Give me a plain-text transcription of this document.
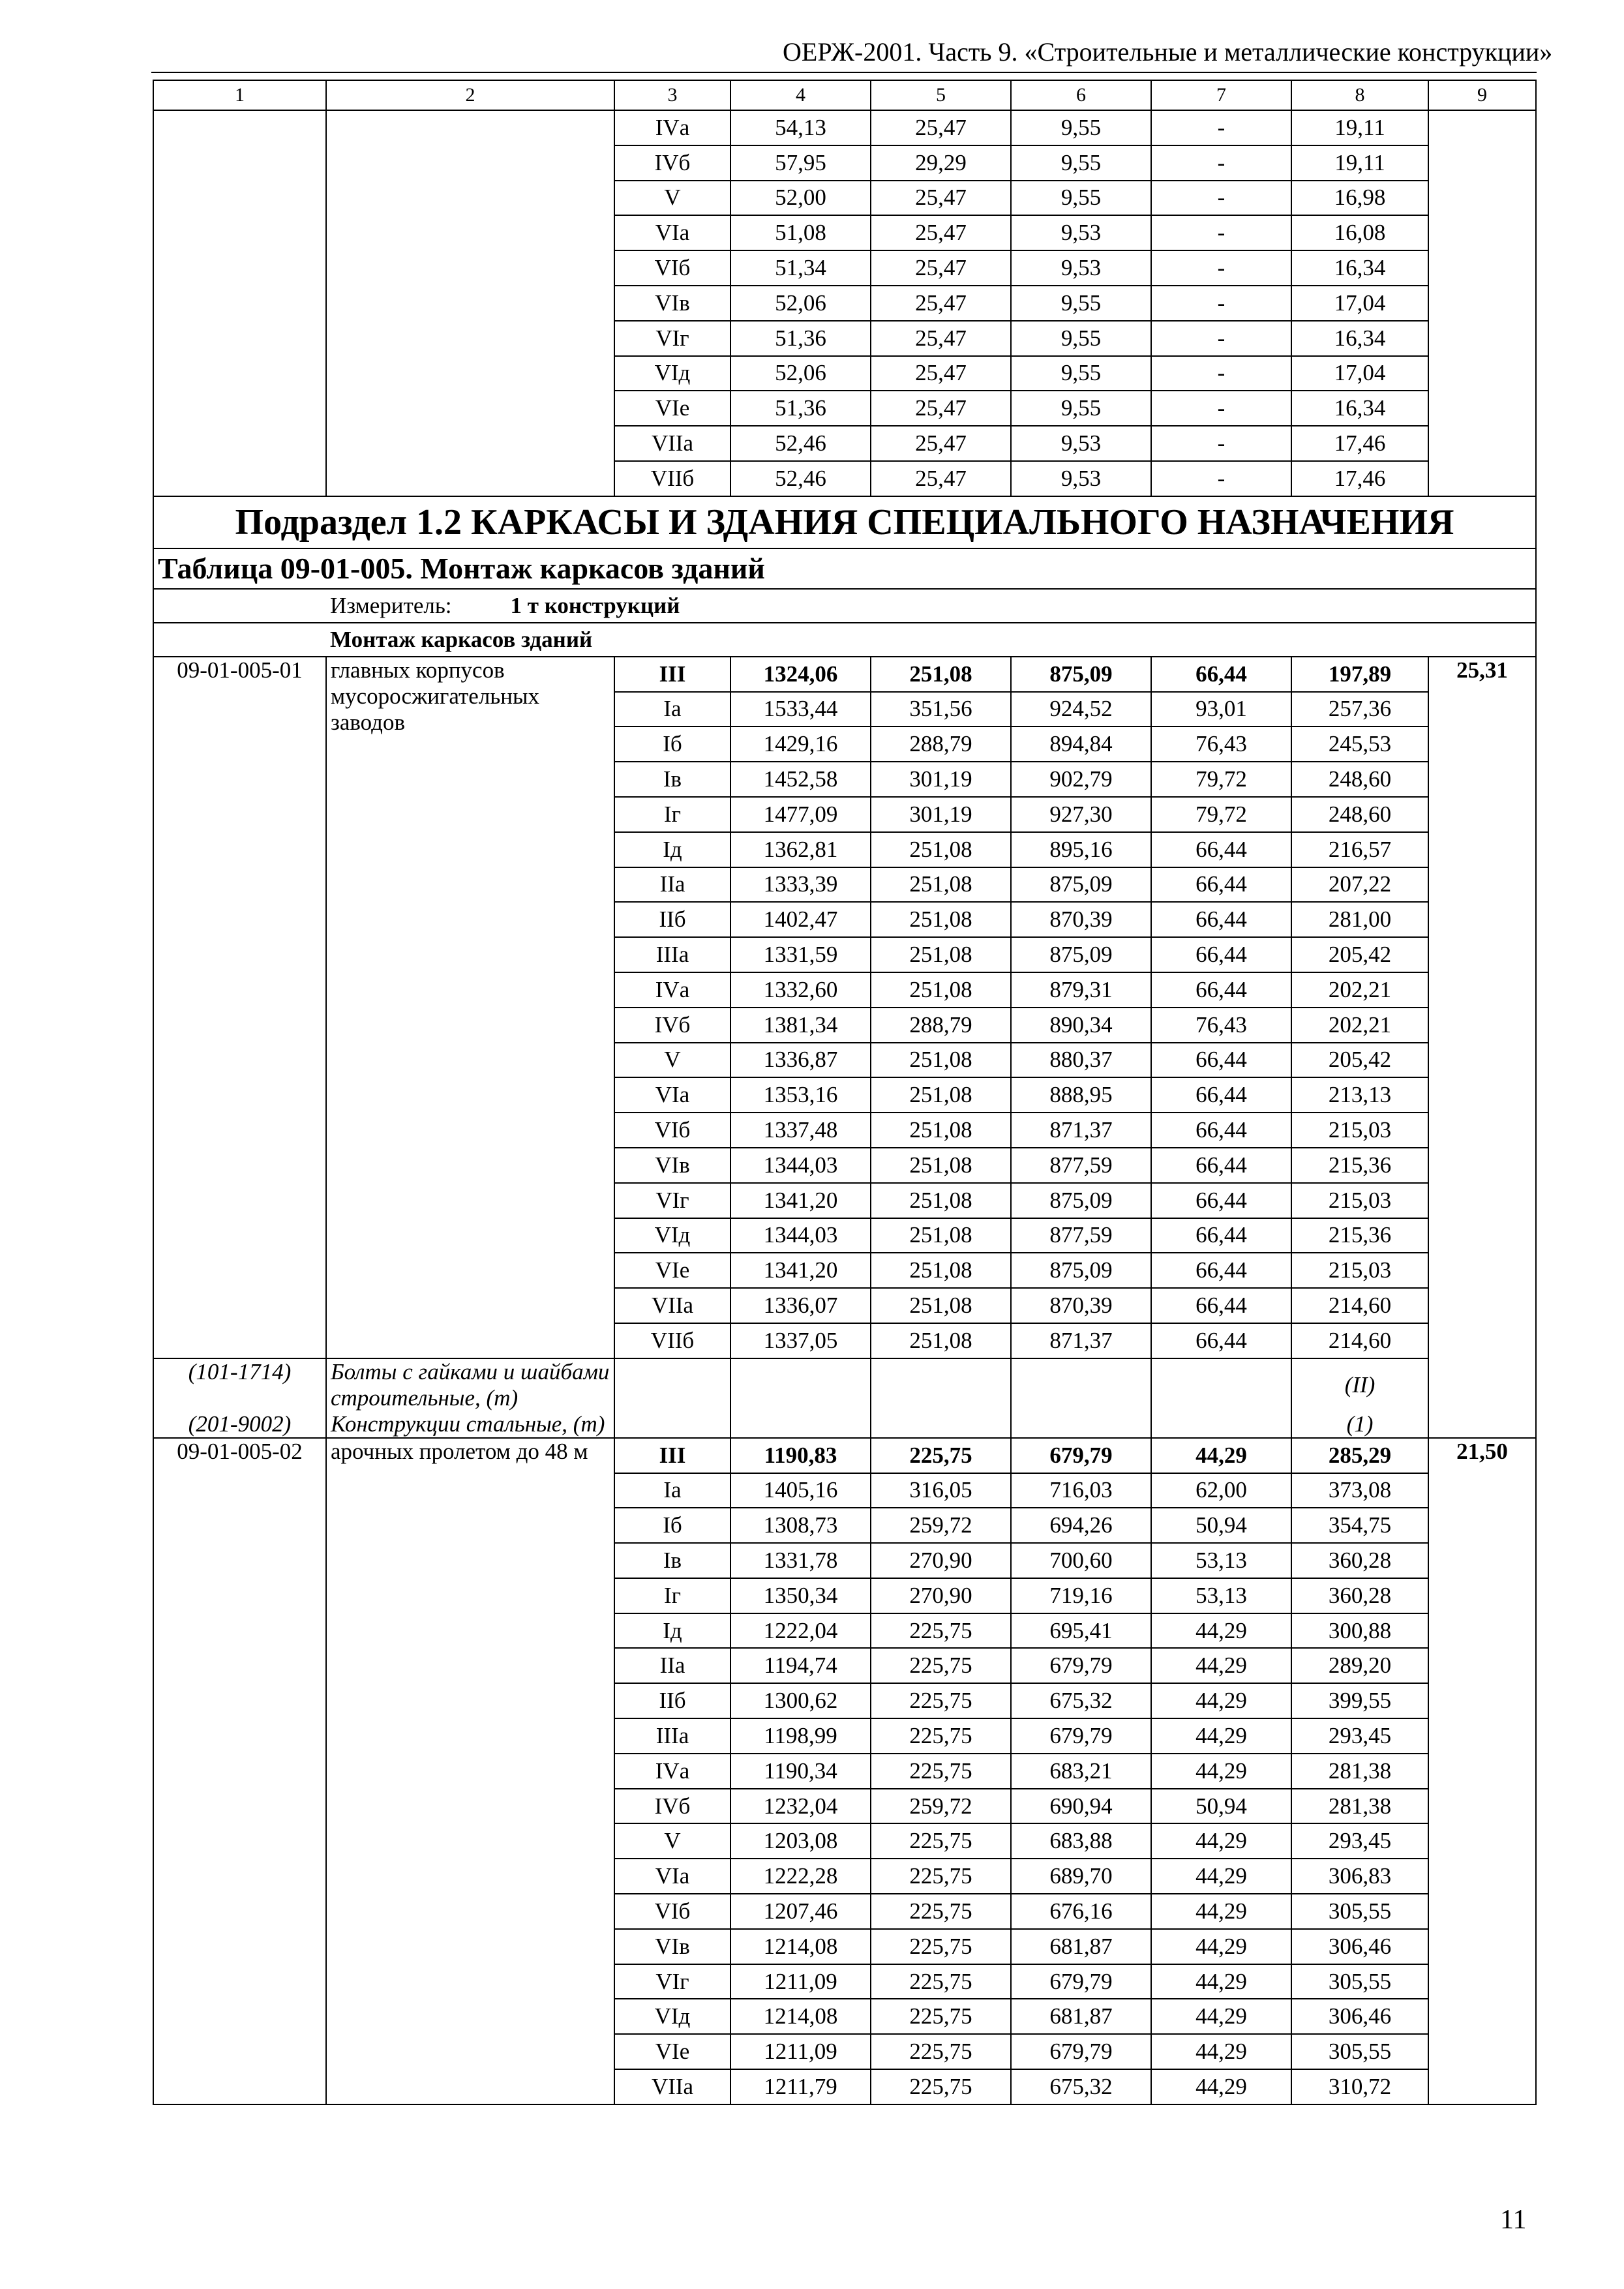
ОЕРЖ-2001. Часть 9. «Строительные и металлические конструкции»
1	2	3	4	5	6	7	8	9
		IVа	54,13	25,47	9,55	-	19,11	
		IVб	57,95	29,29	9,55	-	19,11	
		V	52,00	25,47	9,55	-	16,98	
		VIа	51,08	25,47	9,53	-	16,08	
		VIб	51,34	25,47	9,53	-	16,34	
		VIв	52,06	25,47	9,55	-	17,04	
		VIг	51,36	25,47	9,55	-	16,34	
		VIд	52,06	25,47	9,55	-	17,04	
		VIе	51,36	25,47	9,55	-	16,34	
		VIIа	52,46	25,47	9,53	-	17,46	
		VIIб	52,46	25,47	9,53	-	17,46	
Подраздел 1.2 КАРКАСЫ И ЗДАНИЯ СПЕЦИАЛЬНОГО НАЗНАЧЕНИЯ								
Таблица 09-01-005. Монтаж каркасов зданий								
	Измеритель: 1 т конструкций							
	Монтаж каркасов зданий							
09-01-005-01	главных корпусов мусоросжигательных заводов	III	1324,06	251,08	875,09	66,44	197,89	25,31
		Iа	1533,44	351,56	924,52	93,01	257,36	
		Iб	1429,16	288,79	894,84	76,43	245,53	
		Iв	1452,58	301,19	902,79	79,72	248,60	
		Iг	1477,09	301,19	927,30	79,72	248,60	
		Iд	1362,81	251,08	895,16	66,44	216,57	
		IIа	1333,39	251,08	875,09	66,44	207,22	
		IIб	1402,47	251,08	870,39	66,44	281,00	
		IIIа	1331,59	251,08	875,09	66,44	205,42	
		IVа	1332,60	251,08	879,31	66,44	202,21	
		IVб	1381,34	288,79	890,34	76,43	202,21	
		V	1336,87	251,08	880,37	66,44	205,42	
		VIа	1353,16	251,08	888,95	66,44	213,13	
		VIб	1337,48	251,08	871,37	66,44	215,03	
		VIв	1344,03	251,08	877,59	66,44	215,36	
		VIг	1341,20	251,08	875,09	66,44	215,03	
		VIд	1344,03	251,08	877,59	66,44	215,36	
		VIе	1341,20	251,08	875,09	66,44	215,03	
		VIIа	1336,07	251,08	870,39	66,44	214,60	
		VIIб	1337,05	251,08	871,37	66,44	214,60	
(101-1714)	Болты с гайками и шайбами строительные, (т)						(II)	
(201-9002)	Конструкции стальные, (т)						(1)	
09-01-005-02	арочных пролетом до 48 м	III	1190,83	225,75	679,79	44,29	285,29	21,50
		Iа	1405,16	316,05	716,03	62,00	373,08	
		Iб	1308,73	259,72	694,26	50,94	354,75	
		Iв	1331,78	270,90	700,60	53,13	360,28	
		Iг	1350,34	270,90	719,16	53,13	360,28	
		Iд	1222,04	225,75	695,41	44,29	300,88	
		IIа	1194,74	225,75	679,79	44,29	289,20	
		IIб	1300,62	225,75	675,32	44,29	399,55	
		IIIа	1198,99	225,75	679,79	44,29	293,45	
		IVа	1190,34	225,75	683,21	44,29	281,38	
		IVб	1232,04	259,72	690,94	50,94	281,38	
		V	1203,08	225,75	683,88	44,29	293,45	
		VIа	1222,28	225,75	689,70	44,29	306,83	
		VIб	1207,46	225,75	676,16	44,29	305,55	
		VIв	1214,08	225,75	681,87	44,29	306,46	
		VIг	1211,09	225,75	679,79	44,29	305,55	
		VIд	1214,08	225,75	681,87	44,29	306,46	
		VIе	1211,09	225,75	679,79	44,29	305,55	
		VIIа	1211,79	225,75	675,32	44,29	310,72	
11
